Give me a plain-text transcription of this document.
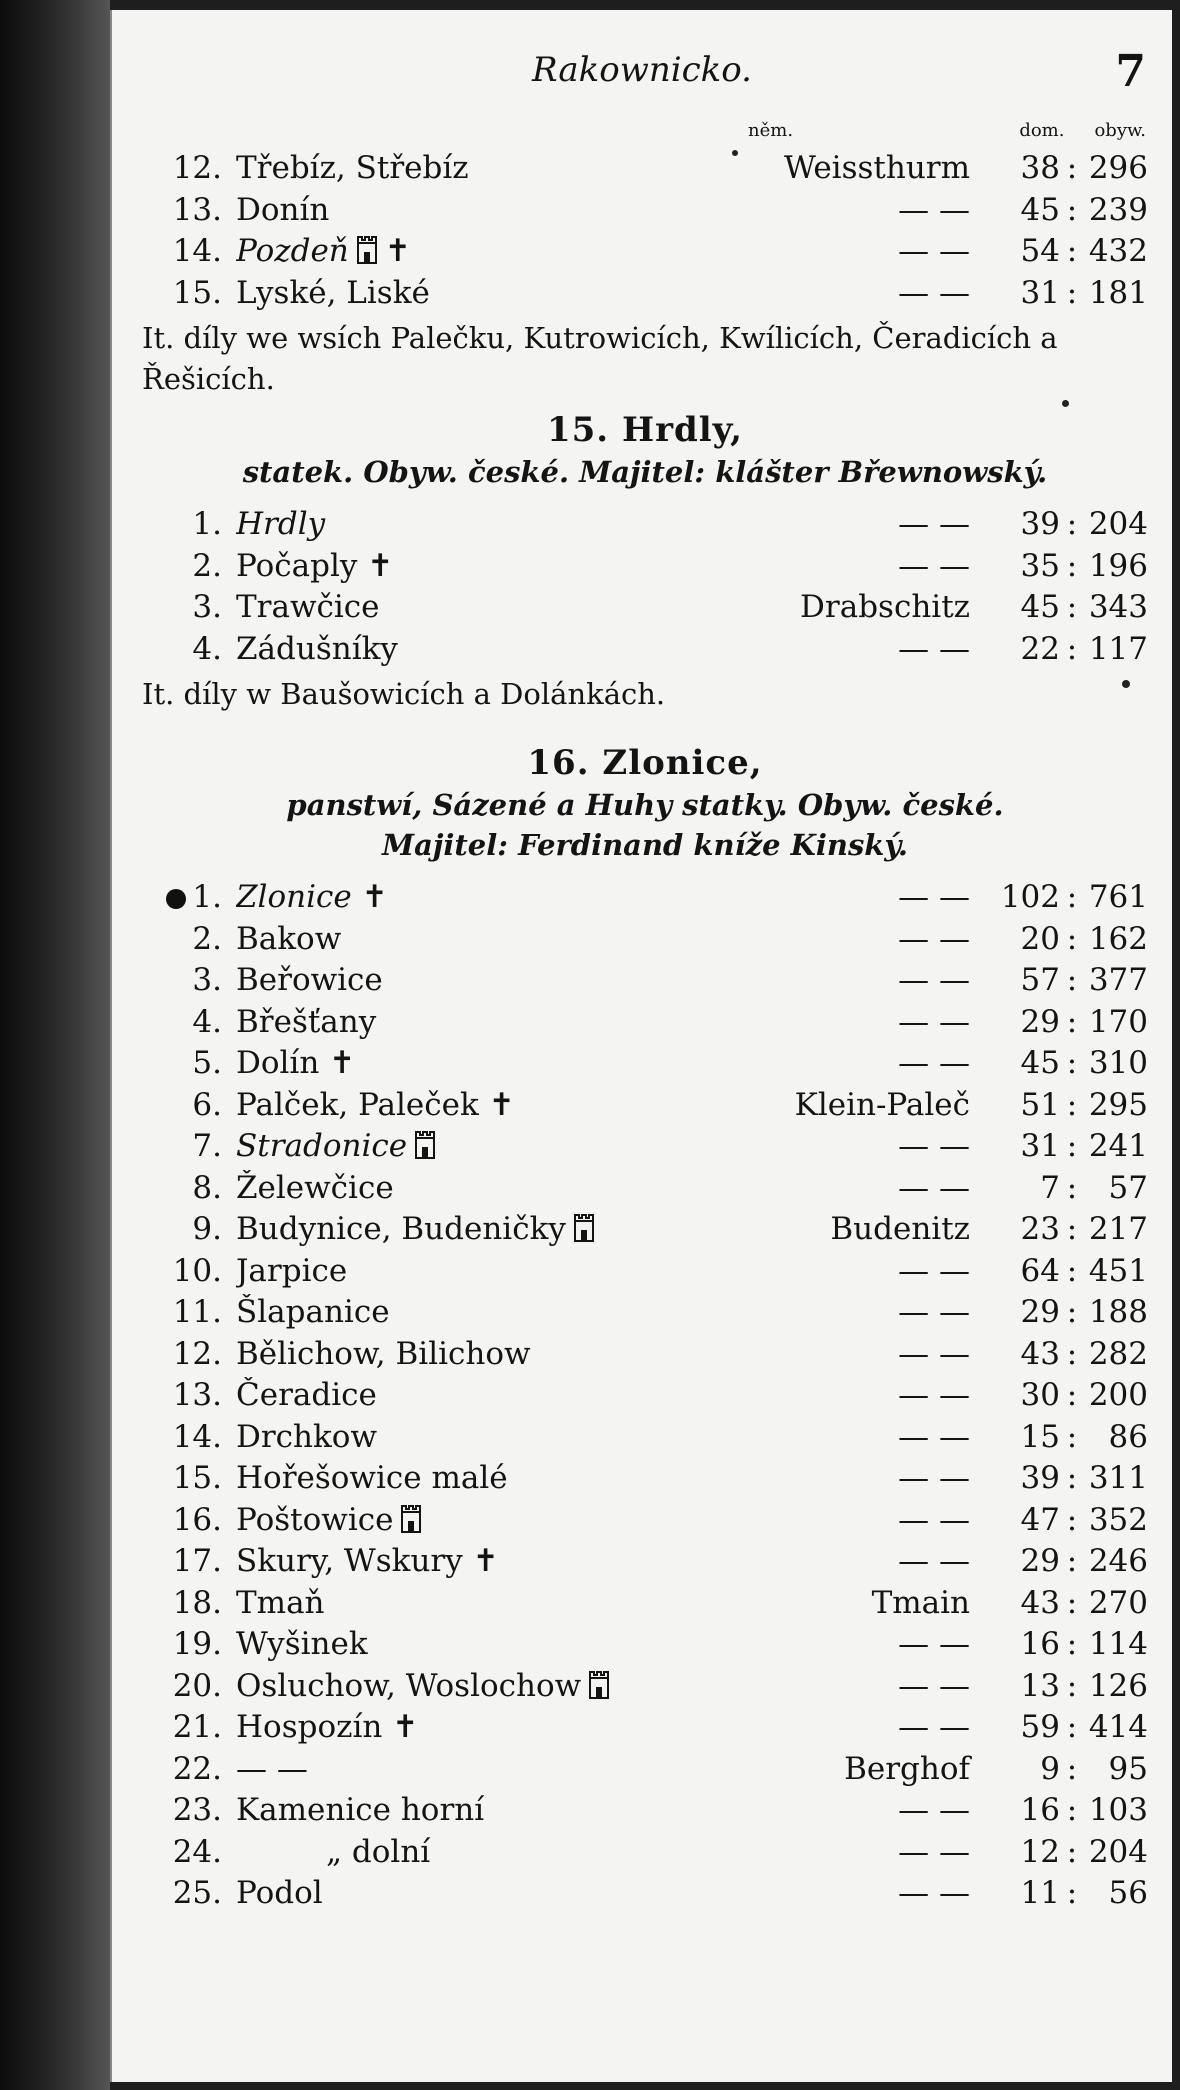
Rakownicko.	7
něm.	dom. obyw.
12. Třebíz, Střebíz	Weissthurm	38 : 296
13. Donín	— —	45 : 239
14. Pozdeň ✝	— —	54 : 432
15. Lyské, Liské	— —	31 : 181
It. díly we wsích Palečku, Kutrowicích, Kwílicích, Čeradicích a Řešicích.
15. Hrdly,
statek. Obyw. české. Majitel: klášter Břewnowský.
1. Hrdly	— —	39 : 204
2. Počaply ✝	— —	35 : 196
3. Trawčice	Drabschitz	45 : 343
4. Zádušníky	— —	22 : 117
It. díly w Baušowicích a Dolánkách.
16. Zlonice,
panstwí, Sázené a Huhy statky. Obyw. české.
Majitel: Ferdinand kníže Kinský.
1. Zlonice ✝	— — 102 : 761
2. Bakow	— —	20 : 162
3. Beřowice	— —	57 : 377
4. Břešťany	— —	29 : 170
5. Dolín ✝	— —	45 : 310
6. Palček, Paleček ✝	Klein-Paleč	51 : 295
7. Stradonice	— —	31 : 241
8. Želewčice	— —	7 :	57
9. Budynice, Budeničky	Budenitz	23 : 217
10. Jarpice	— —	64 : 451
11. Šlapanice	— —	29 : 188
12. Bělichow, Bilichow	— —	43 : 282
13. Čeradice	— —	30 : 200
14. Drchkow	— —	15 :	86
15. Hořešowice malé	— —	39 : 311
16. Poštowice	— —	47 : 352
17. Skury, Wskury ✝	— —	29 : 246
18. Tmaň	Tmain	43 : 270
19. Wyšinek	— —	16 : 114
20. Osluchow, Woslochow	— —	13 : 126
21. Hospozín ✝	— —	59 : 414
22. — —	Berghof	9 :	95
23. Kamenice horní	— —	16 : 103
24.	„ dolní	— —	12 : 204
25. Podol	— —	11 :	56
